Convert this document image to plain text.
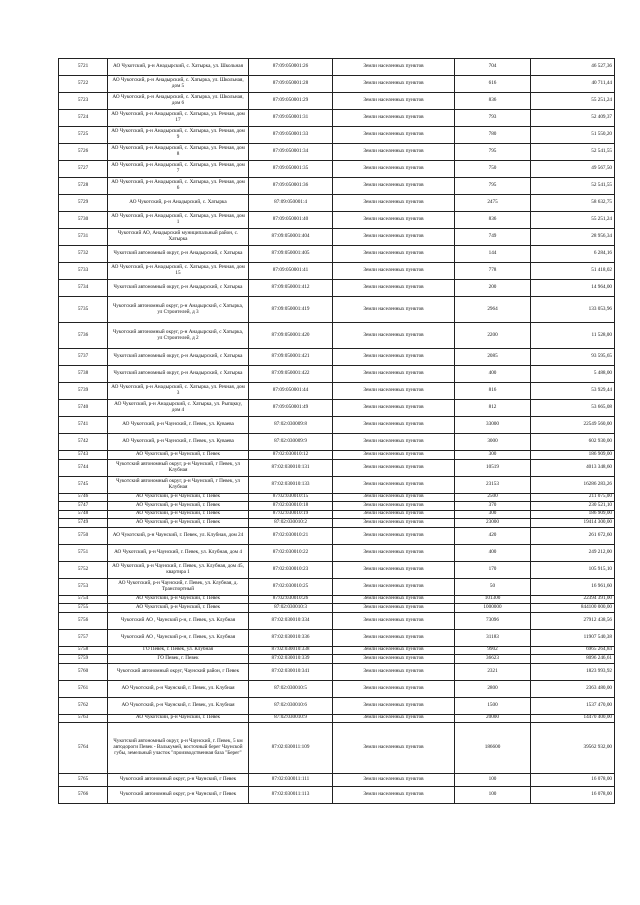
5721	АО Чукотский, р-н Анадырский, с. Хатырка, ул. Школьная	87:09:050001:26	Земли населенных пунктов	704	46 527,36
5722	АО Чукотский, р-н Анадырский, с. Хатырка, ул. Школьная, дом 5	87:09:050001:28	Земли населенных пунктов	616	40 711,44
5723	АО Чукотский, р-н Анадырский, с. Хатырка, ул. Школьная, дом 6	87:09:050001:29	Земли населенных пунктов	836	55 251,24
5724	АО Чукотский, р-н Анадырский, с. Хатырка, ул. Речная, дом 17	87:09:050001:31	Земли населенных пунктов	793	52 409,37
5725	АО Чукотский, р-н Анадырский, с. Хатырка, ул. Речная, дом 9	87:09:050001:33	Земли населенных пунктов	780	51 550,20
5726	АО Чукотский, р-н Анадырский, с. Хатырка, ул. Речная, дом 8	87:09:050001:34	Земли населенных пунктов	795	52 541,55
5727	АО Чукотский, р-н Анадырский, с. Хатырка, ул. Речная, дом 7	87:09:050001:35	Земли населенных пунктов	750	49 567,50
5728	АО Чукотский, р-н Анадырский, с. Хатырка, ул. Речная, дом 6	87:09:050001:36	Земли населенных пунктов	795	52 541,55
5729	АО Чукотский, р-н Анадырский, с. Хатырка	87:09:050001:4	Земли населенных пунктов	2475	58 632,75
5730	АО Чукотский, р-н Анадырский, с. Хатырка, ул. Речная, дом 1	87:09:050001:40	Земли населенных пунктов	836	55 251,24
5731	Чукотский АО, Анадырский муниципальный район, с. Хатырка	87:09:050001:404	Земли населенных пунктов	749	28 956,34
5732	Чукотский автономный округ, р-н Анадырский, с Хатырка	87:09:050001:405	Земли населенных пунктов	144	6 284,16
5733	АО Чукотский, р-н Анадырский, с. Хатырка, ул. Речная, дом 15	87:09:050001:41	Земли населенных пунктов	778	51 418,02
5734	Чукотский автономный округ, р-н Анадырский, с Хатырка	87:09:050001:412	Земли населенных пунктов	200	14 964,00
5735	Чукотский автономный округ, р-н Анадырский, с Хатырка, ул Строителей, д 3	87:09:050001:419	Земли населенных пунктов	2964	133 053,96
5736	Чукотский автономный округ, р-н Анадырский, с Хатырка, ул Строителей, д 2	87:09:050001:420	Земли населенных пунктов	2200	11 528,00
5737	Чукотский автономный округ, р-н Анадырский, с Хатырка	87:09:050001:421	Земли населенных пунктов	2085	93 595,65
5738	Чукотский автономный округ, р-н Анадырский, с Хатырка	87:09:050001:422	Земли населенных пунктов	400	5 488,00
5739	АО Чукотский, р-н Анадырский, с. Хатырка, ул. Речная, дом 3	87:09:050001:44	Земли населенных пунктов	816	53 929,44
5740	АО Чукотский, р-н Анадырский, с. Хатырка, ул. Рыпцкку, дом 4	87:09:050001:49	Земли населенных пунктов	812	53 665,08
5741	АО Чукотский, р-н Чаунский, г. Певек, ул. Куваева	87:02:030009:8	Земли населенных пунктов	33000	22549 560,00
5742	АО Чукотский, р-н Чаунский, г. Певек, ул. Куваева	87:02:030009:9	Земли населенных пунктов	3000	602 930,00
5743	АО Чукотский, р-н Чаунский, г. Певек	87:02:030010:12	Земли населенных пунктов	300	186 909,00
5744	Чукотский автономный округ, р-н Чаунский, г Певек, ул Клубная	87:02:030010:131	Земли населенных пунктов	10519	4013 348,60
5745	Чукотский автономный округ, р-н Чаунский, г Певек, ул Клубная	87:02:030010:133	Земли населенных пунктов	23153	16286 283,26
5746	АО Чукотский, р-н Чаунский, г. Певек	87:02:030010:15	Земли населенных пунктов	2500	211 075,00
5747	АО Чукотский, р-н Чаунский, г. Певек	87:02:030010:18	Земли населенных пунктов	370	230 521,10
5748	АО Чукотский, р-н Чаунский, г. Певек	87:02:030010:19	Земли населенных пунктов	300	186 909,00
5749	АО Чукотский, р-н Чаунский, г. Певек	87:02:030010:2	Земли населенных пунктов	23000	19414 300,00
5750	АО Чукотский, р-н Чаунский, г. Певек, ул. Клубная, дом 24	87:02:030010:21	Земли населенных пунктов	420	261 672,60
5751	АО Чукотский, р-н Чаунский, г. Певек, ул. Клубная, дом 4	87:02:030010:22	Земли населенных пунктов	400	249 212,00
5752	АО Чукотский, р-н Чаунский, г. Певек, ул. Клубная, дом 45, квартира 1	87:02:030010:23	Земли населенных пунктов	170	105 915,10
5753	АО Чукотский, р-н Чаунский, г. Певек, ул. Клубная, д. Транспортный	87:02:030010:25	Земли населенных пунктов	50	16 961,60
5754	АО Чукотский, р-н Чаунский, г. Певек	87:02:030010:26	Земли населенных пунктов	101300	22394 391,00
5755	АО Чукотский, р-н Чаунский, г. Певек	87:02:030010:3	Земли населенных пунктов	1000000	844100 000,00
5756	Чукотский АО , Чаунский р-н, г. Певек, ул. Клубная	87:02:030010:334	Земли населенных пунктов	73096	27912 438,56
5757	Чукотский АО , Чаунский р-н, г. Певек, ул. Клубная	87:02:030010:336	Земли населенных пунктов	31183	11907 540,38
5758	ГО Певек, г. Певек, ул. Клубная	87:02:030010:338	Земли населенных пунктов	9902	6965 264,84
5759	ГО Певек, г. Певек	87:02:030010:339	Земли населенных пунктов	36623	8096 246,61
5760	Чукотский автономный округ, Чаунский район, г Певек	87:02:030010:341	Земли населенных пунктов	2321	1823 993,92
5761	АО Чукотский, р-н Чаунский, г. Певек, ул. Клубная	87:02:030010:5	Земли населенных пунктов	2800	2363 480,00
5762	АО Чукотский, р-н Чаунский, г. Певек, ул. Клубная	87:02:030010:6	Земли населенных пунктов	1500	1537 470,00
5763	АО Чукотский, р-н Чаунский, г. Певек	87:02:030010:9	Земли населенных пунктов	20000	14470 400,00
5764	Чукотский автономный округ, р-н Чаунский, г. Певек, 5 км автодороги Певек - Валькумей, восточный берег Чаунской губы, земельный участок "производственная база "Берег"	87:02:030011:109	Земли населенных пунктов	186600	39562 932,00
5765	Чукотский автономный округ, р-н Чаунский, г Певек	87:02:030011:111	Земли населенных пунктов	100	16 078,00
5766	Чукотский автономный округ, р-н Чаунский, г Певек	87:02:030011:113	Земли населенных пунктов	100	16 078,00
